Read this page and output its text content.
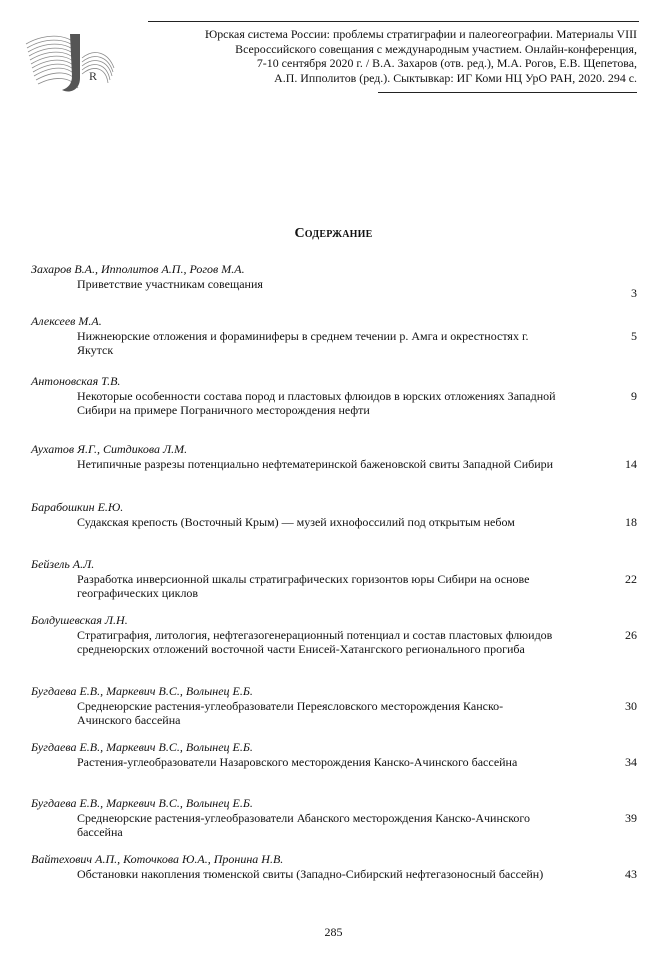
R
Юрская система России: проблемы стратиграфии и палеогеографии. Материалы VIII
Всероссийского совещания с международным участием. Онлайн-конференция,
7-10 сентября 2020 г. / В.А. Захаров (отв. ред.), М.А. Рогов, Е.В. Щепетова,
А.П. Ипполитов (ред.). Сыктывкар: ИГ Коми НЦ УрО РАН, 2020. 294 с.
Содержание
Захаров В.А., Ипполитов А.П., Рогов М.А.
Приветствие участникам совещания
3
Алексеев М.А.
Нижнеюрские отложения и фораминиферы в среднем течении р. Амга и окрестностях г. Якутск
5
Антоновская Т.В.
Некоторые особенности состава пород и пластовых флюидов в юрских отложениях Западной Сибири на примере Пограничного месторождения нефти
9
Аухатов Я.Г., Ситдикова Л.М.
Нетипичные разрезы потенциально нефтематеринской баженовской свиты Западной Сибири	14
Барабошкин Е.Ю.
Судакская крепость (Восточный Крым) — музей ихнофоссилий под открытым небом	18
Бейзель А.Л.
Разработка инверсионной шкалы стратиграфических горизонтов юры Сибири на основе географических циклов
22
Болдушевская Л.Н.
Стратиграфия, литология, нефтегазогенерационный потенциал и состав пластовых флюидов среднеюрских отложений восточной части Енисей-Хатангского регионального прогиба
26
Бугдаева Е.В., Маркевич В.С., Волынец Е.Б.
Среднеюрские растения-углеобразователи Переясловского месторождения Канско-Ачинского бассейна
30
Бугдаева Е.В., Маркевич В.С., Волынец Е.Б.
Растения-углеобразователи Назаровского месторождения Канско-Ачинского бассейна	34
Бугдаева Е.В., Маркевич В.С., Волынец Е.Б.
Среднеюрские растения-углеобразователи Абанского месторождения Канско-Ачинского бассейна
39
Вайтехович А.П., Коточкова Ю.А., Пронина Н.В.
Обстановки накопления тюменской свиты (Западно-Сибирский нефтегазоносный бассейн)	43
285
